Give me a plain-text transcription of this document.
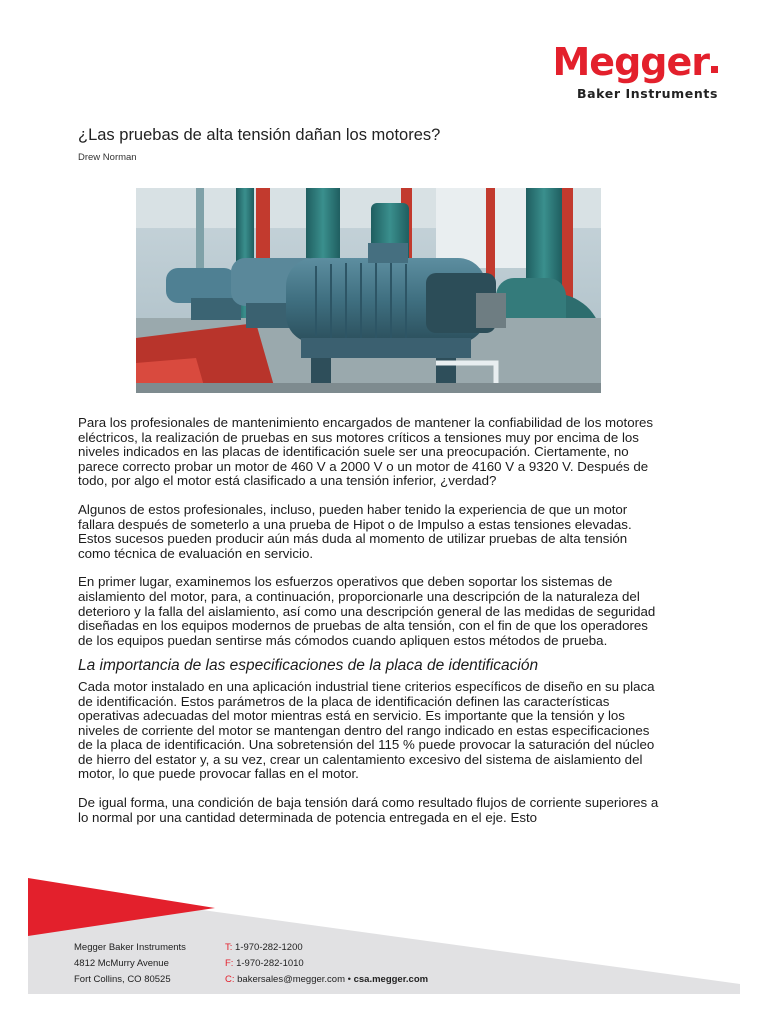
Megger
Baker Instruments
¿Las pruebas de alta tensión dañan los motores?
Drew Norman

Para los profesionales de mantenimiento encargados de mantener la confiabilidad de los motores eléctricos, la realización de pruebas en sus motores críticos a tensiones muy por encima de los niveles indicados en las placas de identificación suele ser una preocupación. Ciertamente, no parece correcto probar un motor de 460 V a 2000 V o un motor de 4160 V a 9320 V. Después de todo, por algo el motor está clasificado a una tensión inferior, ¿verdad?

Algunos de estos profesionales, incluso, pueden haber tenido la experiencia de que un motor fallara después de someterlo a una prueba de Hipot o de Impulso a estas tensiones elevadas. Estos sucesos pueden producir aún más duda al momento de utilizar pruebas de alta tensión como técnica de evaluación en servicio.

En primer lugar, examinemos los esfuerzos operativos que deben soportar los sistemas de aislamiento del motor, para, a continuación, proporcionarle una descripción de la naturaleza del deterioro y la falla del aislamiento, así como una descripción general de las medidas de seguridad diseñadas en los equipos modernos de pruebas de alta tensión, con el fin de que los operadores de los equipos puedan sentirse más cómodos cuando apliquen estos métodos de prueba.

La importancia de las especificaciones de la placa de identificación

Cada motor instalado en una aplicación industrial tiene criterios específicos de diseño en su placa de identificación. Estos parámetros de la placa de identificación definen las características operativas adecuadas del motor mientras está en servicio. Es importante que la tensión y los niveles de corriente del motor se mantengan dentro del rango indicado en estas especificaciones de la placa de identificación. Una sobretensión del 115 % puede provocar la saturación del núcleo de hierro del estator y, a su vez, crear un calentamiento excesivo del sistema de aislamiento del motor, lo que puede provocar fallas en el motor.

De igual forma, una condición de baja tensión dará como resultado flujos de corriente superiores a lo normal por una cantidad determinada de potencia entregada en el eje. Esto

Megger Baker Instruments
4812 McMurry Avenue
Fort Collins, CO 80525
T: 1-970-282-1200
F: 1-970-282-1010
C: bakersales@megger.com • csa.megger.com
